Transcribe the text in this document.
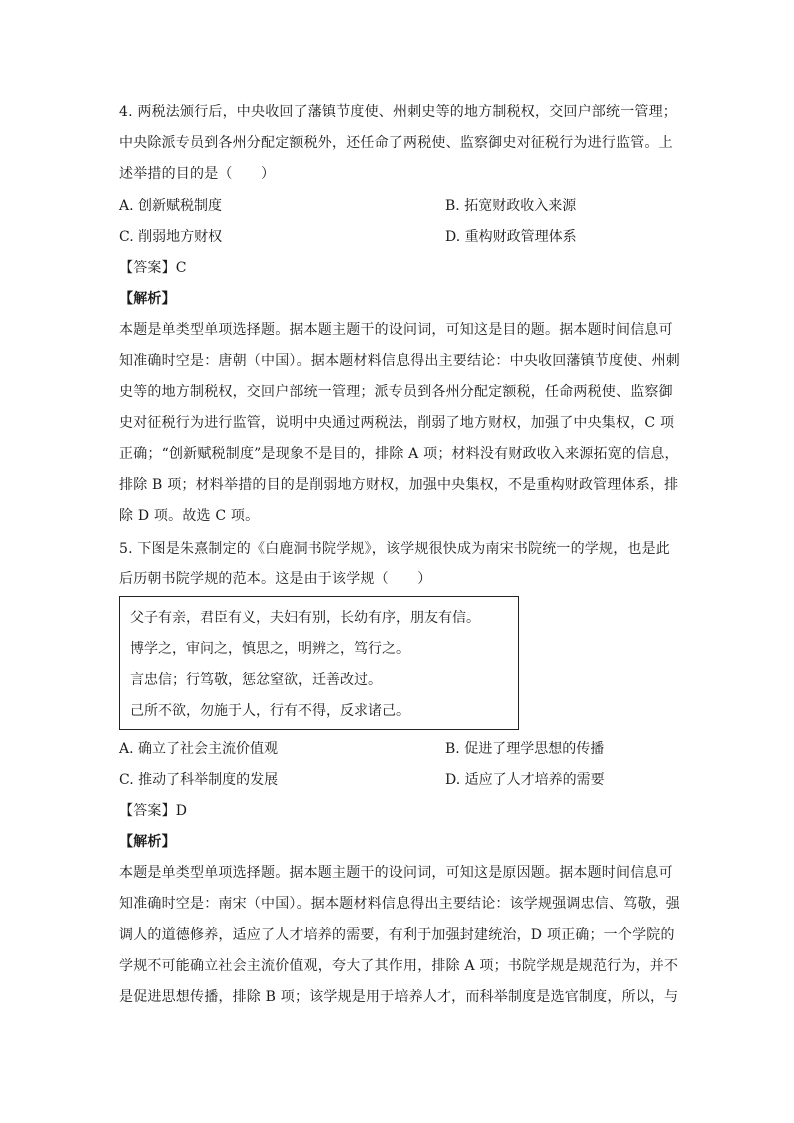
4. 两税法颁行后，中央收回了藩镇节度使、州刺史等的地方制税权，交回户部统一管理；
中央除派专员到各州分配定额税外，还任命了两税使、监察御史对征税行为进行监管。上
述举措的目的是（　　）
A. 创新赋税制度	B. 拓宽财政收入来源
C. 削弱地方财权	D. 重构财政管理体系
【答案】C
【解析】
本题是单类型单项选择题。据本题主题干的设问词，可知这是目的题。据本题时间信息可
知准确时空是：唐朝（中国）。据本题材料信息得出主要结论：中央收回藩镇节度使、州刺
史等的地方制税权，交回户部统一管理；派专员到各州分配定额税，任命两税使、监察御
史对征税行为进行监管，说明中央通过两税法，削弱了地方财权，加强了中央集权，C 项
正确；“创新赋税制度”是现象不是目的，排除 A 项；材料没有财政收入来源拓宽的信息，
排除 B 项；材料举措的目的是削弱地方财权，加强中央集权，不是重构财政管理体系，排
除 D 项。故选 C 项。
5. 下图是朱熹制定的《白鹿洞书院学规》，该学规很快成为南宋书院统一的学规，也是此
后历朝书院学规的范本。这是由于该学规（　　）
父子有亲，君臣有义，夫妇有别，长幼有序，朋友有信。
博学之，审问之，慎思之，明辨之，笃行之。
言忠信；行笃敬，惩忿窒欲，迁善改过。
己所不欲，勿施于人，行有不得，反求诸己。
A. 确立了社会主流价值观	B. 促进了理学思想的传播
C. 推动了科举制度的发展	D. 适应了人才培养的需要
【答案】D
【解析】
本题是单类型单项选择题。据本题主题干的设问词，可知这是原因题。据本题时间信息可
知准确时空是：南宋（中国）。据本题材料信息得出主要结论：该学规强调忠信、笃敬，强
调人的道德修养，适应了人才培养的需要，有利于加强封建统治，D 项正确；一个学院的
学规不可能确立社会主流价值观，夸大了其作用，排除 A 项；书院学规是规范行为，并不
是促进思想传播，排除 B 项；该学规是用于培养人才，而科举制度是选官制度，所以，与
